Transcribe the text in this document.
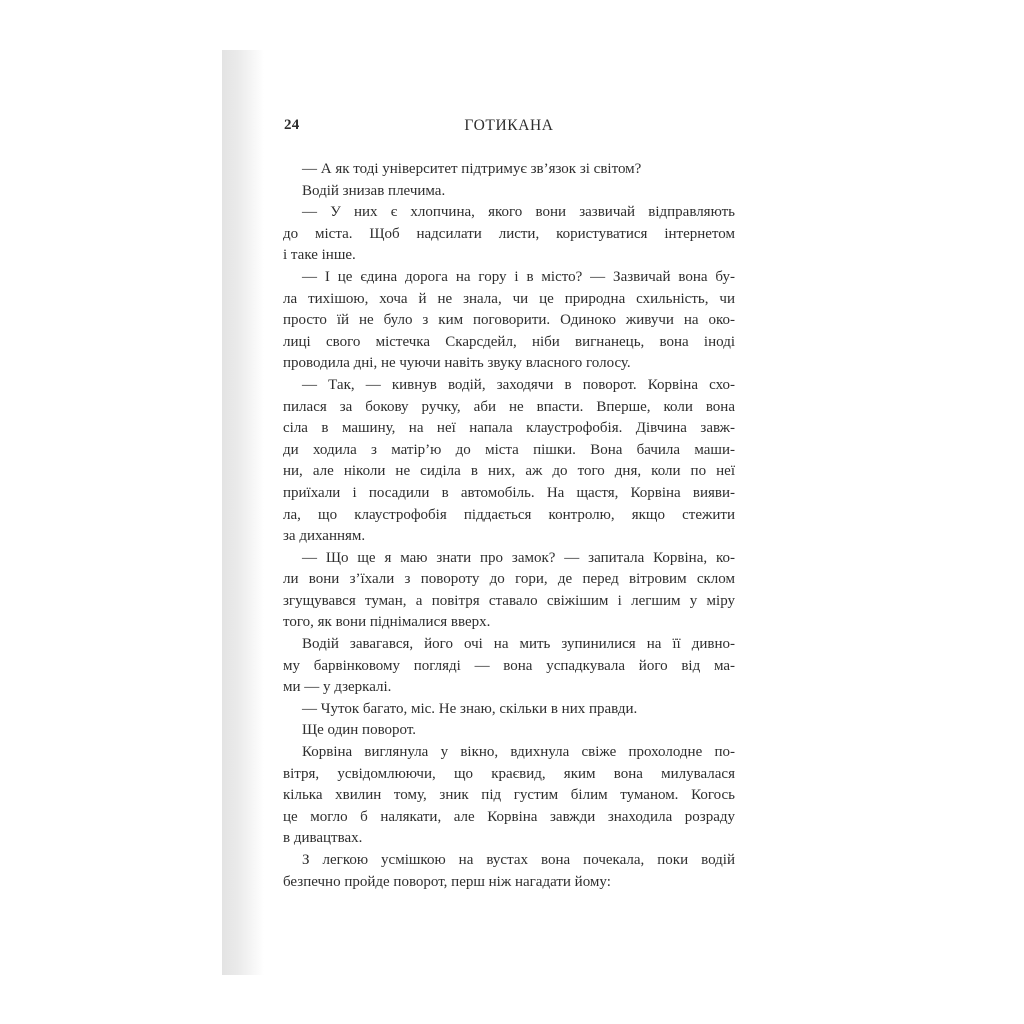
24	ГОТИКАНА
— А як тоді університет підтримує зв’язок зі світом?
Водій знизав плечима.
— У них є хлопчина, якого вони зазвичай відправляють
до міста. Щоб надсилати листи, користуватися інтернетом
і таке інше.
— І це єдина дорога на гору і в місто? — Зазвичай вона бу-
ла тихішою, хоча й не знала, чи це природна схильність, чи
просто їй не було з ким поговорити. Одиноко живучи на око-
лиці свого містечка Скарсдейл, ніби вигнанець, вона іноді
проводила дні, не чуючи навіть звуку власного голосу.
— Так, — кивнув водій, заходячи в поворот. Корвіна схо-
пилася за бокову ручку, аби не впасти. Вперше, коли вона
сіла в машину, на неї напала клаустрофобія. Дівчина завж-
ди ходила з матір’ю до міста пішки. Вона бачила маши-
ни, але ніколи не сиділа в них, аж до того дня, коли по неї
приїхали і посадили в автомобіль. На щастя, Корвіна вияви-
ла, що клаустрофобія піддається контролю, якщо стежити
за диханням.
— Що ще я маю знати про замок? — запитала Корвіна, ко-
ли вони з’їхали з повороту до гори, де перед вітровим склом
згущувався туман, а повітря ставало свіжішим і легшим у міру
того, як вони піднімалися вверх.
Водій завагався, його очі на мить зупинилися на її дивно-
му барвінковому погляді — вона успадкувала його від ма-
ми — у дзеркалі.
— Чуток багато, міс. Не знаю, скільки в них правди.
Ще один поворот.
Корвіна виглянула у вікно, вдихнула свіже прохолодне по-
вітря, усвідомлюючи, що краєвид, яким вона милувалася
кілька хвилин тому, зник під густим білим туманом. Когось
це могло б налякати, але Корвіна завжди знаходила розраду
в дивацтвах.
З легкою усмішкою на вустах вона почекала, поки водій
безпечно пройде поворот, перш ніж нагадати йому:
